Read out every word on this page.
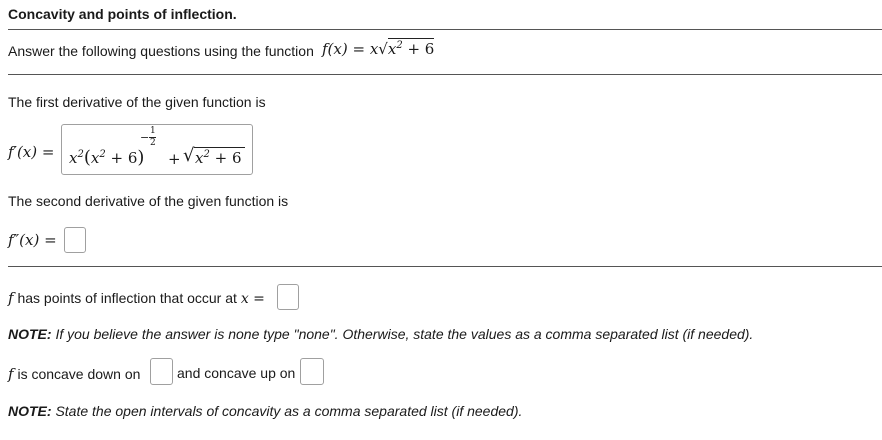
Concavity and points of inflection.
Answer the following questions using the function $f(x) = x√x^2 + 6$
The first derivative of the given function is
$f'(x) = x^2(x^2 + 6)$
− 1
2
+ √ $x^2 + 6$
The second derivative of the given function is
f″(x) =
f has points of inflection that occur at x =
NOTE: If you believe the answer is none type "none". Otherwise, state the values as a comma separated list (if needed).
f is concave down on	and concave up on
NOTE: State the open intervals of concavity as a comma separated list (if needed).
